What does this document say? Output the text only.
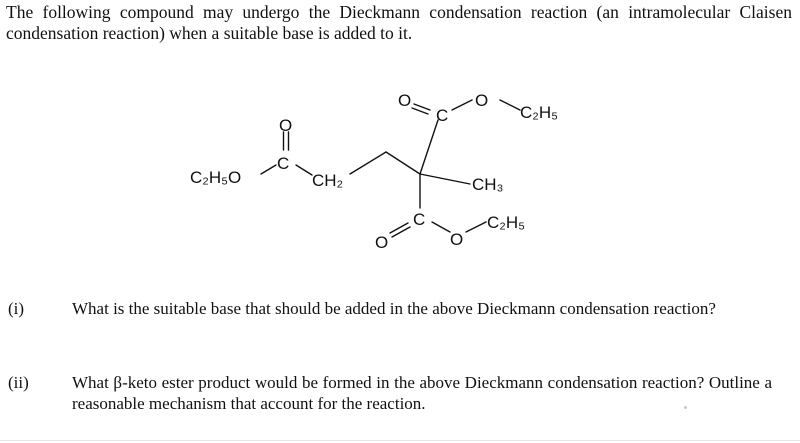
The following compound may undergo the Dieckmann condensation reaction (an intramolecular Claisen condensation reaction) when a suitable base is added to it.
C₂H₅O
C
O
CH₂
O
C
O
C₂H₅
CH₃
O
C
O
C₂H₅
(i)	What is the suitable base that should be added in the above Dieckmann condensation reaction?
(ii)	What β-keto ester product would be formed in the above Dieckmann condensation reaction? Outline a reasonable mechanism that account for the reaction.
